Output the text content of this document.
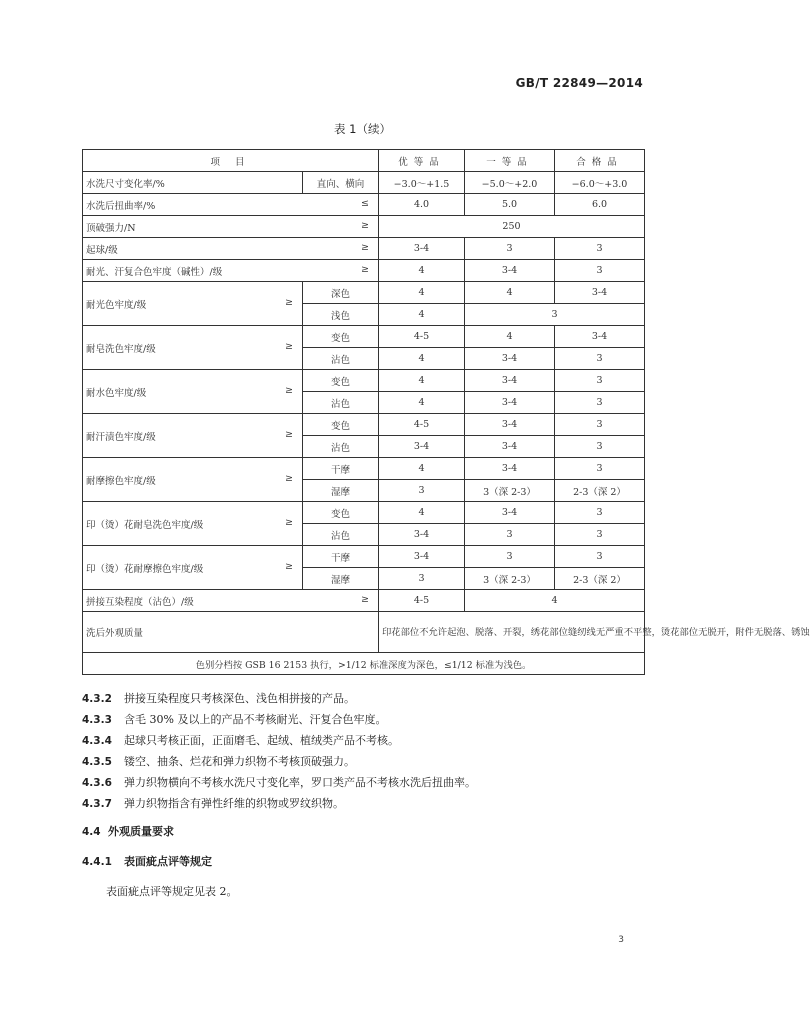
GB/T 22849—2014
表 1（续）
项 目		优等品	一等品	合格品
水洗尺寸变化率/%	直向、横向	−3.0～+1.5	−5.0～+2.0	−6.0～+3.0
水洗后扭曲率/% ≤		4.0	5.0	6.0
顶破强力/N ≥		250		
起球/级 ≥		3-4	3	3
耐光、汗复合色牢度（碱性）/级 ≥		4	3-4	3
耐光色牢度/级 ≥	深色	4	4	3-4
	浅色	4	3	
耐皂洗色牢度/级 ≥	变色	4-5	4	3-4
	沾色	4	3-4	3
耐水色牢度/级 ≥	变色	4	3-4	3
	沾色	4	3-4	3
耐汗渍色牢度/级 ≥	变色	4-5	3-4	3
	沾色	3-4	3-4	3
耐摩擦色牢度/级 ≥	干摩	4	3-4	3
	湿摩	3	3（深 2-3）	2-3（深 2）
印（烫）花耐皂洗色牢度/级 ≥	变色	4	3-4	3
	沾色	3-4	3	3
印（烫）花耐摩擦色牢度/级 ≥	干摩	3-4	3	3
	湿摩	3	3（深 2-3）	2-3（深 2）
拼接互染程度（沾色）/级 ≥		4-5	4	
洗后外观质量		印花部位不允许起泡、脱落、开裂，绣花部位缝纫线无严重不平整，烫花部位无脱开，附件无脱落、锈蚀		
色别分档按 GSB 16 2153 执行，>1/12 标准深度为深色，≤1/12 标准为浅色。				
4.3.2 拼接互染程度只考核深色、浅色相拼接的产品。
4.3.3 含毛 30% 及以上的产品不考核耐光、汗复合色牢度。
4.3.4 起球只考核正面，正面磨毛、起绒、植绒类产品不考核。
4.3.5 镂空、抽条、烂花和弹力织物不考核顶破强力。
4.3.6 弹力织物横向不考核水洗尺寸变化率，罗口类产品不考核水洗后扭曲率。
4.3.7 弹力织物指含有弹性纤维的织物或罗纹织物。
4.4 外观质量要求
4.4.1 表面疵点评等规定
表面疵点评等规定见表 2。
3
